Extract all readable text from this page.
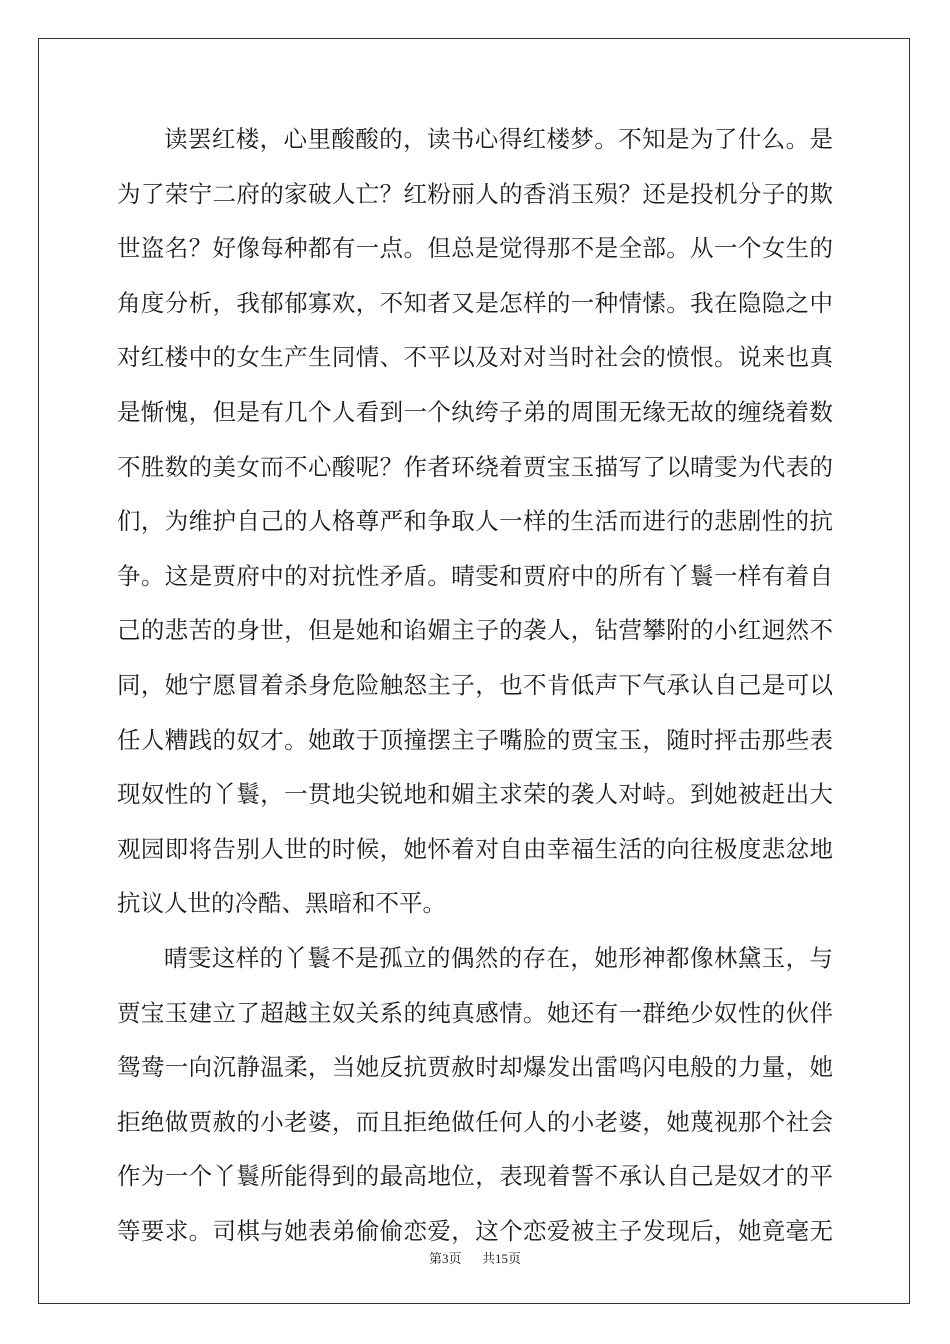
读罢红楼，心里酸酸的，读书心得红楼梦。不知是为了什么。是
为了荣宁二府的家破人亡？红粉丽人的香消玉殒？还是投机分子的欺
世盗名？好像每种都有一点。但总是觉得那不是全部。从一个女生的
角度分析，我郁郁寡欢，不知者又是怎样的一种情愫。我在隐隐之中
对红楼中的女生产生同情、不平以及对对当时社会的愤恨。说来也真
是惭愧，但是有几个人看到一个纨绔子弟的周围无缘无故的缠绕着数
不胜数的美女而不心酸呢？作者环绕着贾宝玉描写了以晴雯为代表的
们，为维护自己的人格尊严和争取人一样的生活而进行的悲剧性的抗
争。这是贾府中的对抗性矛盾。晴雯和贾府中的所有丫鬟一样有着自
己的悲苦的身世，但是她和谄媚主子的袭人，钻营攀附的小红迥然不
同，她宁愿冒着杀身危险触怒主子，也不肯低声下气承认自己是可以
任人糟践的奴才。她敢于顶撞摆主子嘴脸的贾宝玉，随时抨击那些表
现奴性的丫鬟，一贯地尖锐地和媚主求荣的袭人对峙。到她被赶出大
观园即将告别人世的时候，她怀着对自由幸福生活的向往极度悲忿地
抗议人世的冷酷、黑暗和不平。
晴雯这样的丫鬟不是孤立的偶然的存在，她形神都像林黛玉，与
贾宝玉建立了超越主奴关系的纯真感情。她还有一群绝少奴性的伙伴
鸳鸯一向沉静温柔，当她反抗贾赦时却爆发出雷鸣闪电般的力量，她
拒绝做贾赦的小老婆，而且拒绝做任何人的小老婆，她蔑视那个社会
作为一个丫鬟所能得到的最高地位，表现着誓不承认自己是奴才的平
等要求。司棋与她表弟偷偷恋爱，这个恋爱被主子发现后，她竟毫无
第3页 共15页
